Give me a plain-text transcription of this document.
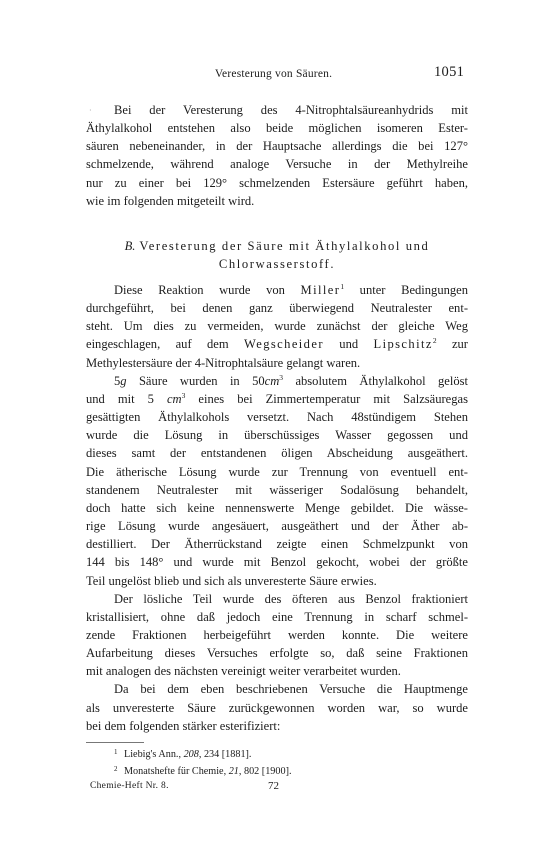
Veresterung von Säuren.	1051
·	Bei der Veresterung des 4-Nitrophtalsäureanhydrids mit

Äthylalkohol entstehen also beide möglichen isomeren Ester-

säuren nebeneinander, in der Hauptsache allerdings die bei 127°

schmelzende, während analoge Versuche in der Methylreihe

nur zu einer bei 129° schmelzenden Estersäure geführt haben,

wie im folgenden mitgeteilt wird.

B. Veresterung der Säure mit Äthylalkohol und
Chlorwasserstoff.

Diese Reaktion wurde von Miller$^1$ unter Bedingungen

durchgeführt, bei denen ganz überwiegend Neutralester ent-

steht. Um dies zu vermeiden, wurde zunächst der gleiche Weg

eingeschlagen, auf dem Wegscheider und Lipschitz$^2$ zur

Methylestersäure der 4-Nitrophtalsäure gelangt waren.

5g Säure wurden in $50cm^3$ absolutem Äthylalkohol gelöst

und mit 5 $cm^3$ eines bei Zimmertemperatur mit Salzsäuregas

gesättigten Äthylalkohols versetzt. Nach 48stündigem Stehen

wurde die Lösung in überschüssiges Wasser gegossen und

dieses samt der entstandenen öligen Abscheidung ausgeäthert.

Die ätherische Lösung wurde zur Trennung von eventuell ent-

standenem Neutralester mit wässeriger Sodalösung behandelt,

doch hatte sich keine nennenswerte Menge gebildet. Die wässe-

rige Lösung wurde angesäuert, ausgeäthert und der Äther ab-

destilliert. Der Ätherrückstand zeigte einen Schmelzpunkt von

144 bis 148° und wurde mit Benzol gekocht, wobei der größte

Teil ungelöst blieb und sich als unveresterte Säure erwies.

Der lösliche Teil wurde des öfteren aus Benzol fraktioniert

kristallisiert, ohne daß jedoch eine Trennung in scharf schmel-

zende Fraktionen herbeigeführt werden konnte. Die weitere

Aufarbeitung dieses Versuches erfolgte so, daß seine Fraktionen

mit analogen des nächsten vereinigt weiter verarbeitet wurden.

Da bei dem eben beschriebenen Versuche die Hauptmenge

als unveresterte Säure zurückgewonnen worden war, so wurde

bei dem folgenden stärker esterifiziert:

1 Liebig's Ann., 208, 234 [1881].
2 Monatshefte für Chemie, 21, 802 [1900].
Chemie-Heft Nr. 8.	72
